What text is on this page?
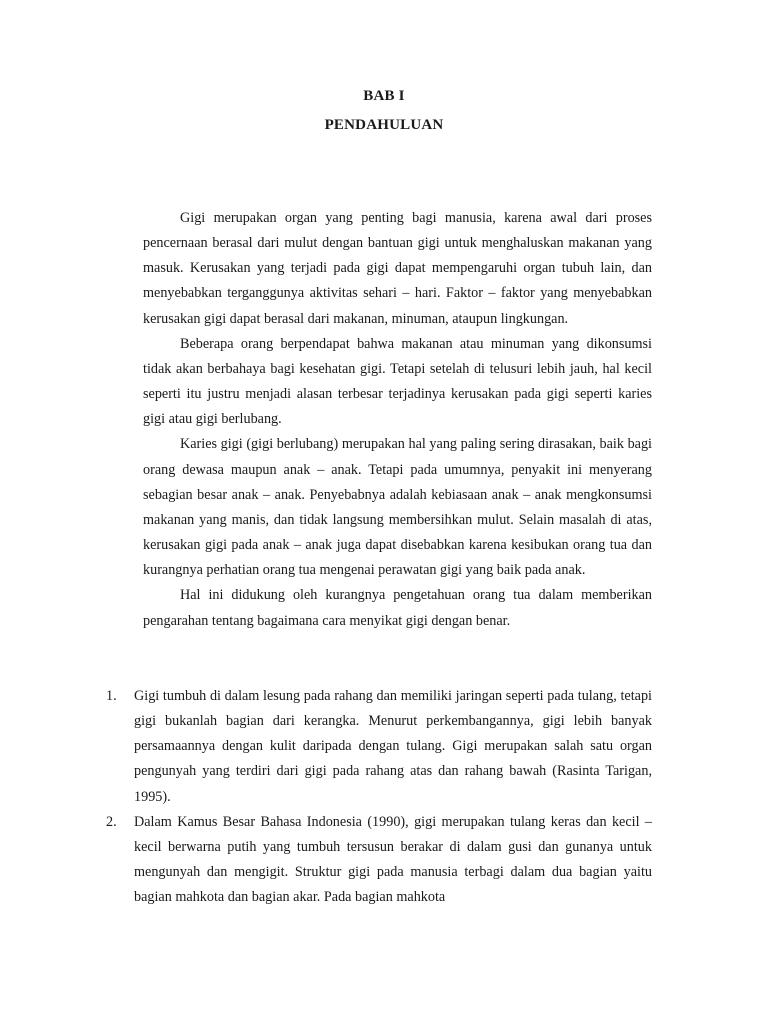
BAB I
PENDAHULUAN

Gigi merupakan organ yang penting bagi manusia, karena awal dari proses pencernaan berasal dari mulut dengan bantuan gigi untuk menghaluskan makanan yang masuk. Kerusakan yang terjadi pada gigi dapat mempengaruhi organ tubuh lain, dan menyebabkan terganggunya aktivitas sehari – hari. Faktor – faktor yang menyebabkan kerusakan gigi dapat berasal dari makanan, minuman, ataupun lingkungan.

Beberapa orang berpendapat bahwa makanan atau minuman yang dikonsumsi tidak akan berbahaya bagi kesehatan gigi. Tetapi setelah di telusuri lebih jauh, hal kecil seperti itu justru menjadi alasan terbesar terjadinya kerusakan pada gigi seperti karies gigi atau gigi berlubang.

Karies gigi (gigi berlubang) merupakan hal yang paling sering dirasakan, baik bagi orang dewasa maupun anak – anak. Tetapi pada umumnya, penyakit ini menyerang sebagian besar anak – anak. Penyebabnya adalah kebiasaan anak – anak mengkonsumsi makanan yang manis, dan tidak langsung membersihkan mulut. Selain masalah di atas, kerusakan gigi pada anak – anak juga dapat disebabkan karena kesibukan orang tua dan kurangnya perhatian orang tua mengenai perawatan gigi yang baik pada anak.

Hal ini didukung oleh kurangnya pengetahuan orang tua dalam memberikan pengarahan tentang bagaimana cara menyikat gigi dengan benar.

1. Gigi tumbuh di dalam lesung pada rahang dan memiliki jaringan seperti pada tulang, tetapi gigi bukanlah bagian dari kerangka. Menurut perkembangannya, gigi lebih banyak persamaannya dengan kulit daripada dengan tulang. Gigi merupakan salah satu organ pengunyah yang terdiri dari gigi pada rahang atas dan rahang bawah (Rasinta Tarigan, 1995).
2. Dalam Kamus Besar Bahasa Indonesia (1990), gigi merupakan tulang keras dan kecil – kecil berwarna putih yang tumbuh tersusun berakar di dalam gusi dan gunanya untuk mengunyah dan mengigit. Struktur gigi pada manusia terbagi dalam dua bagian yaitu bagian mahkota dan bagian akar. Pada bagian mahkota
